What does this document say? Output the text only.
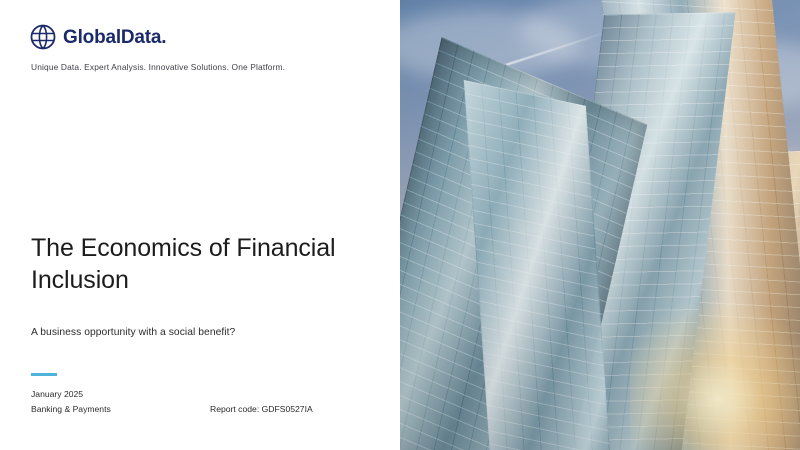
GlobalData.
Unique Data. Expert Analysis. Innovative Solutions. One Platform.
The Economics of Financial Inclusion
A business opportunity with a social benefit?
January 2025
Banking & Payments	Report code: GDFS0527IA
